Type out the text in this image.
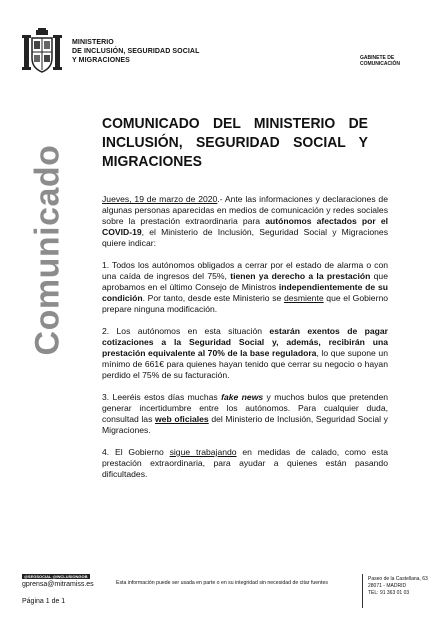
MINISTERIO
DE INCLUSIÓN, SEGURIDAD SOCIAL
Y MIGRACIONES	GABINETE DE
COMUNICACIÓN
Comunicado
COMUNICADO DEL MINISTERIO DE INCLUSIÓN, SEGURIDAD SOCIAL Y MIGRACIONES

Jueves, 19 de marzo de 2020.- Ante las informaciones y declaraciones de algunas personas aparecidas en medios de comunicación y redes sociales sobre la prestación extraordinaria para autónomos afectados por el COVID-19, el Ministerio de Inclusión, Seguridad Social y Migraciones quiere indicar:

1. Todos los autónomos obligados a cerrar por el estado de alarma o con una caída de ingresos del 75%, tienen ya derecho a la prestación que aprobamos en el último Consejo de Ministros independientemente de su condición. Por tanto, desde este Ministerio se desmiente que el Gobierno prepare ninguna modificación.

2. Los autónomos en esta situación estarán exentos de pagar cotizaciones a la Seguridad Social y, además, recibirán una prestación equivalente al 70% de la base reguladora, lo que supone un mínimo de 661€ para quienes hayan tenido que cerrar su negocio o hayan perdido el 75% de su facturación.

3. Leeréis estos días muchas fake news y muchos bulos que pretenden generar incertidumbre entre los autónomos. Para cualquier duda, consultad las web oficiales del Ministerio de Inclusión, Seguridad Social y Migraciones.

4. El Gobierno sigue trabajando en medidas de calado, como esta prestación extraordinaria, para ayudar a quienes están pasando dificultades.

@SEGSOCIAL @INCLUSIONGOB
gprensa@mitramiss.es	Esta información puede ser usada en parte o en su integridad sin necesidad de citar fuentes
Paseo de la Castellana, 63
28071 - MADRID
TEL: 91 363 01 03
Página 1 de 1
